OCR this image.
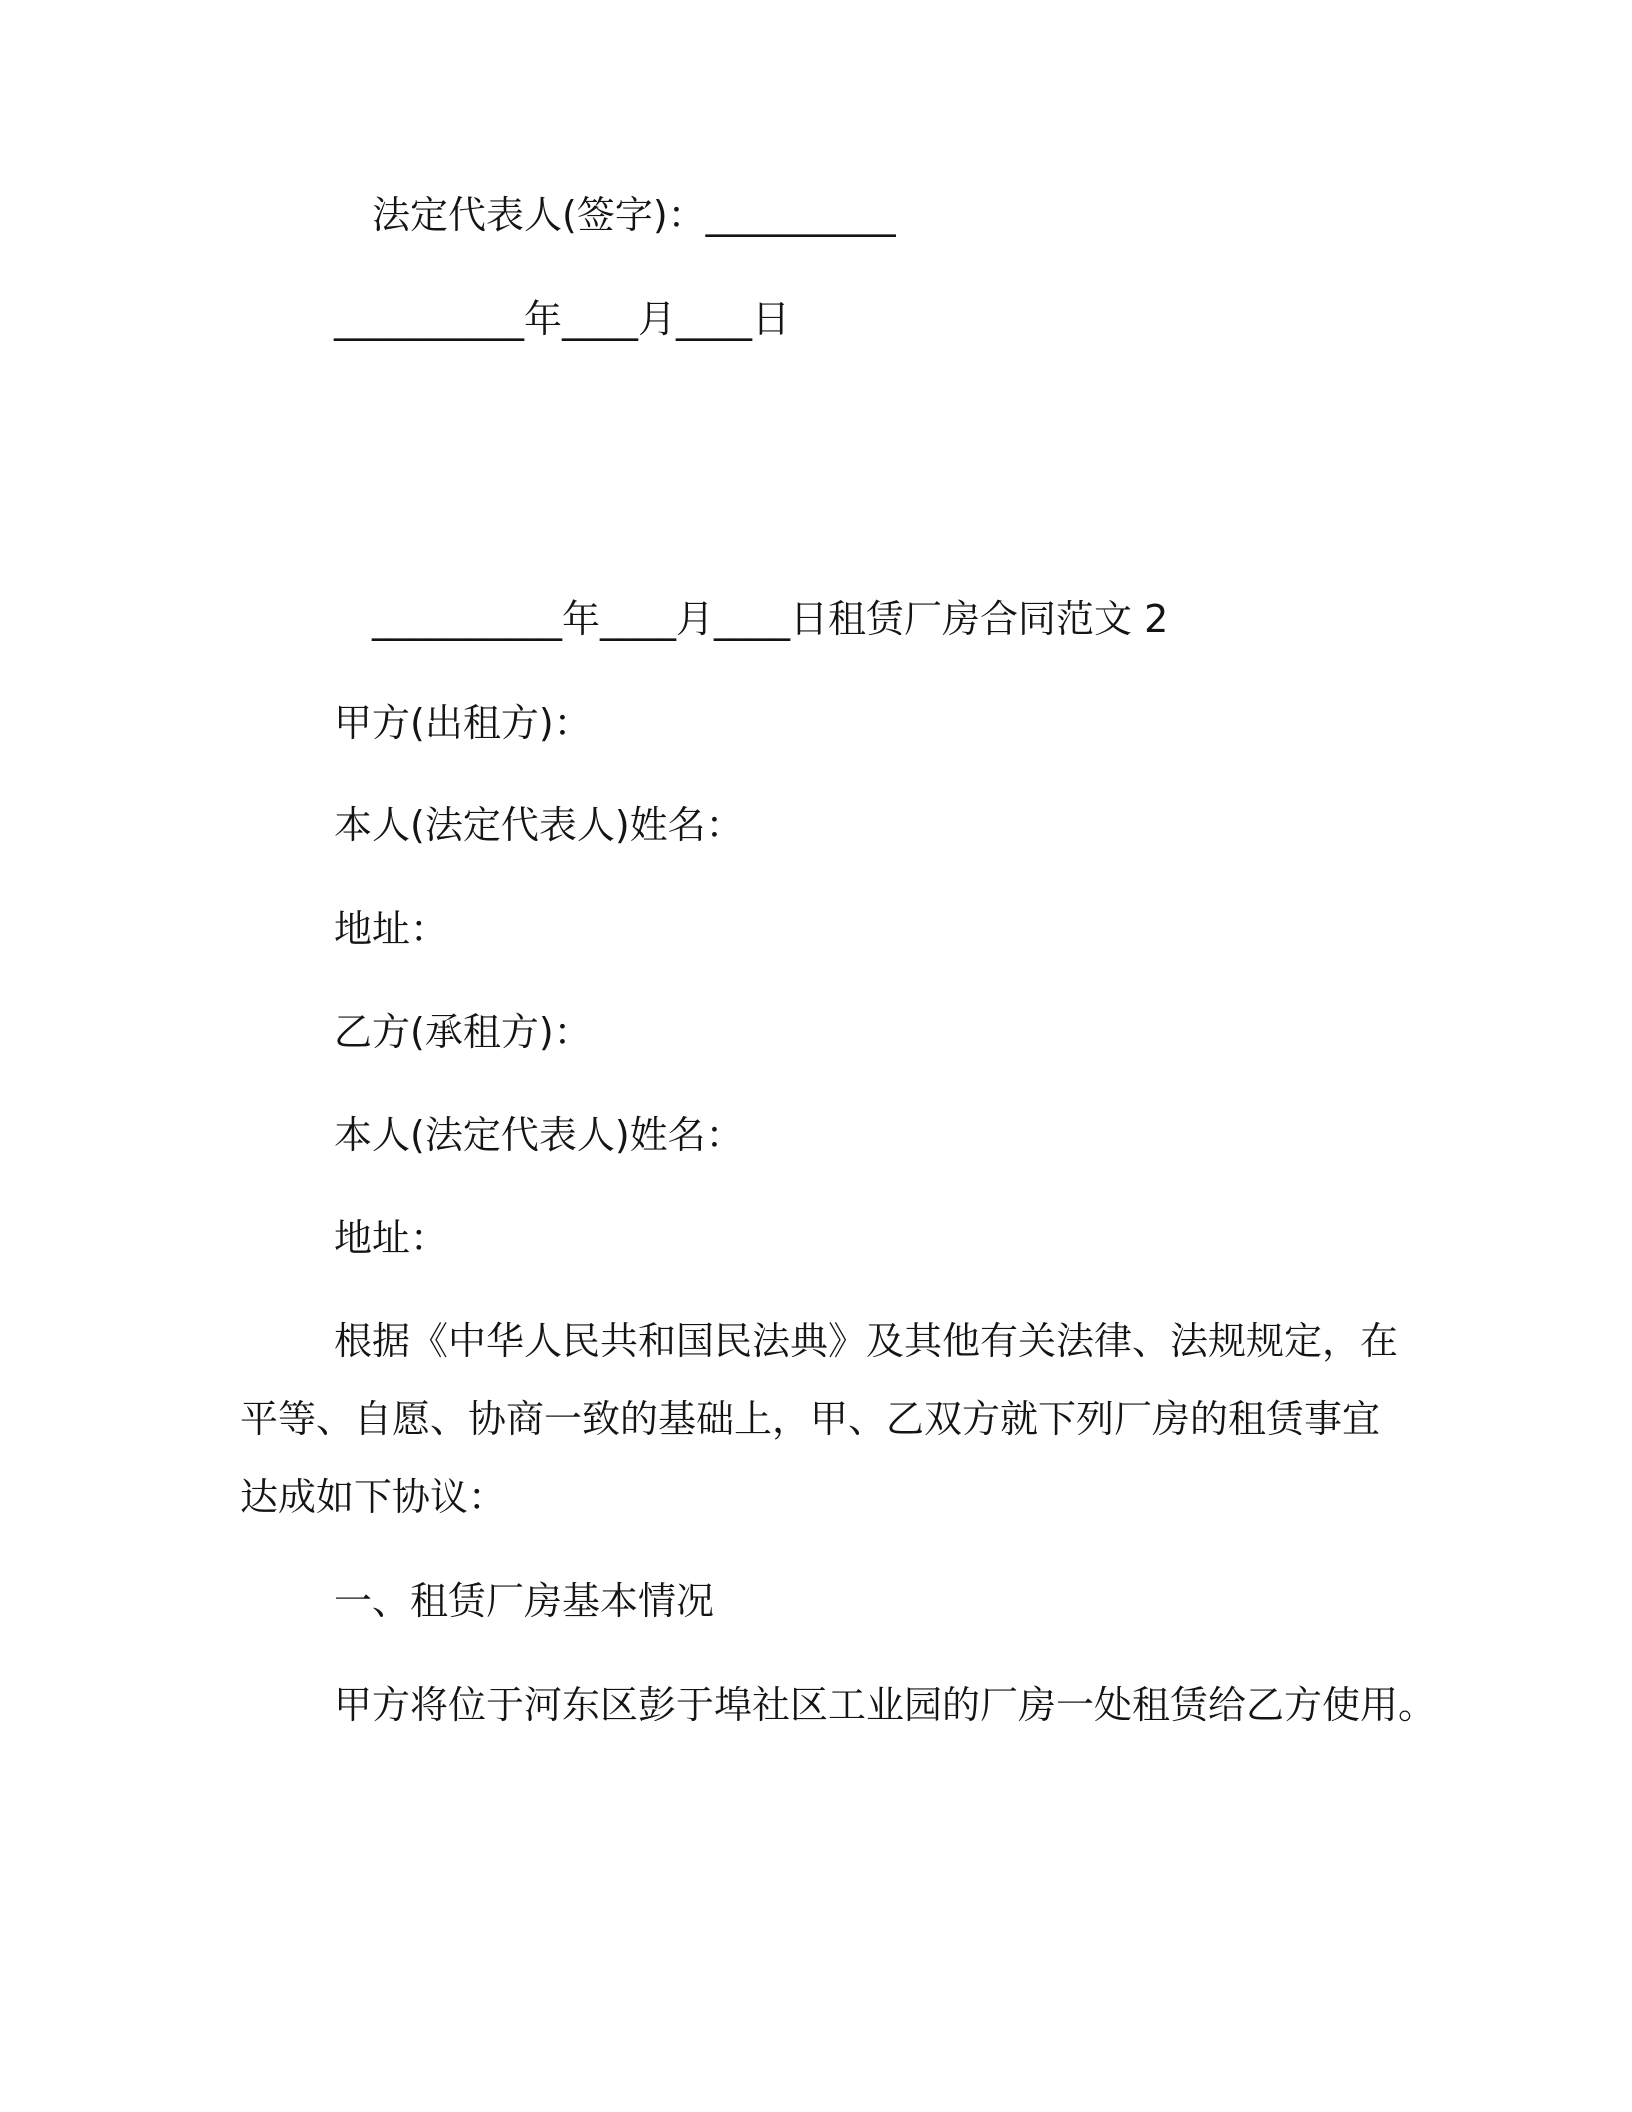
法定代表人(签字)：__________
__________年____月____日
__________年____月____日租赁厂房合同范文 2
甲方(出租方)：
本人(法定代表人)姓名：
地址：
乙方(承租方)：
本人(法定代表人)姓名：
地址：
根据《中华人民共和国民法典》及其他有关法律、法规规定，在
平等、自愿、协商一致的基础上，甲、乙双方就下列厂房的租赁事宜
达成如下协议：
一、租赁厂房基本情况
甲方将位于河东区彭于埠社区工业园的厂房一处租赁给乙方使用。
